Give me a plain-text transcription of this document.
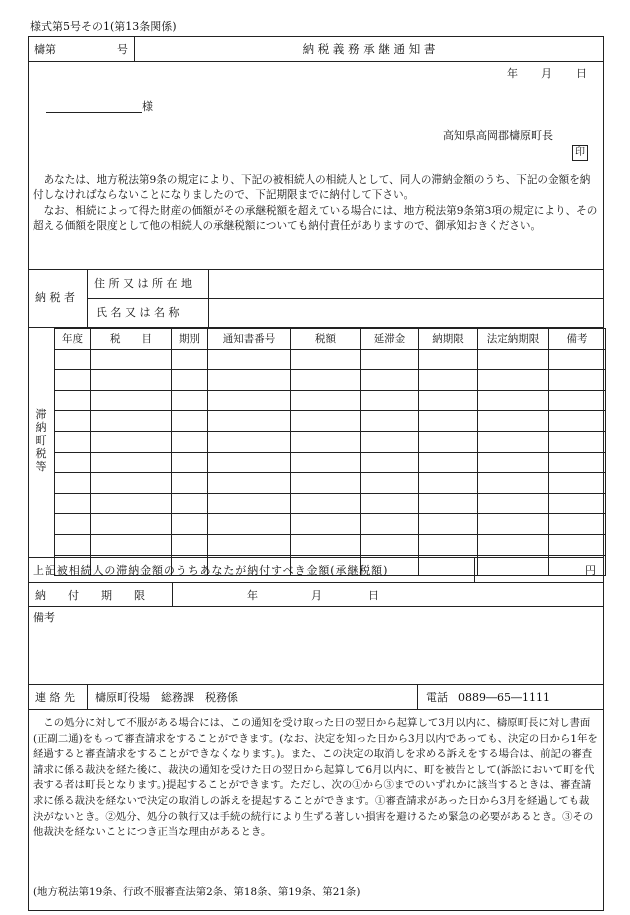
様式第5号その1(第13条関係)
檮第	号	納 税 義 務 承 継 通 知 書
年 月 日
様
高知県高岡郡檮原町長
印
あなたは、地方税法第9条の規定により、下記の被相続人の相続人として、同人の滞納金額のうち、下記の金額を納付しなければならないことになりましたので、下記期限までに納付して下さい。
なお、相続によって得た財産の価額がその承継税額を超えている場合には、地方税法第9条第3項の規定により、その超える価額を限度として他の相続人の承継税額についても納付責任がありますので、御承知おきください。
納 税 者
住 所 又 は 所 在 地
氏 名 又 は 名 称
滞納町税等
年度	税　　目	期別	通知書番号	税額	延滞金	納期限	法定納期限	備考

上記被相続人の滞納金額のうちあなたが納付すべき金額(承継税額)	円
納　　付　　期　　限	年	月	日
備考
連 絡 先 檮原町役場　総務課　税務係	電話 0889―65―1111
この処分に対して不服がある場合には、この通知を受け取った日の翌日から起算して3月以内に、檮原町長に対し書面(正副二通)をもって審査請求をすることができます。(なお、決定を知った日から3月以内であっても、決定の日から1年を経過すると審査請求をすることができなくなります。)。また、この決定の取消しを求める訴えをする場合は、前記の審査請求に係る裁決を経た後に、裁決の通知を受けた日の翌日から起算して6月以内に、町を被告として(訴訟において町を代表する者は町長となります。)提起することができます。ただし、次の①から③までのいずれかに該当するときは、審査請求に係る裁決を経ないで決定の取消しの訴えを提起することができます。①審査請求があった日から3月を経過しても裁決がないとき。②処分、処分の執行又は手続の続行により生ずる著しい損害を避けるため緊急の必要があるとき。③その他裁決を経ないことにつき正当な理由があるとき。
(地方税法第19条、行政不服審査法第2条、第18条、第19条、第21条)
